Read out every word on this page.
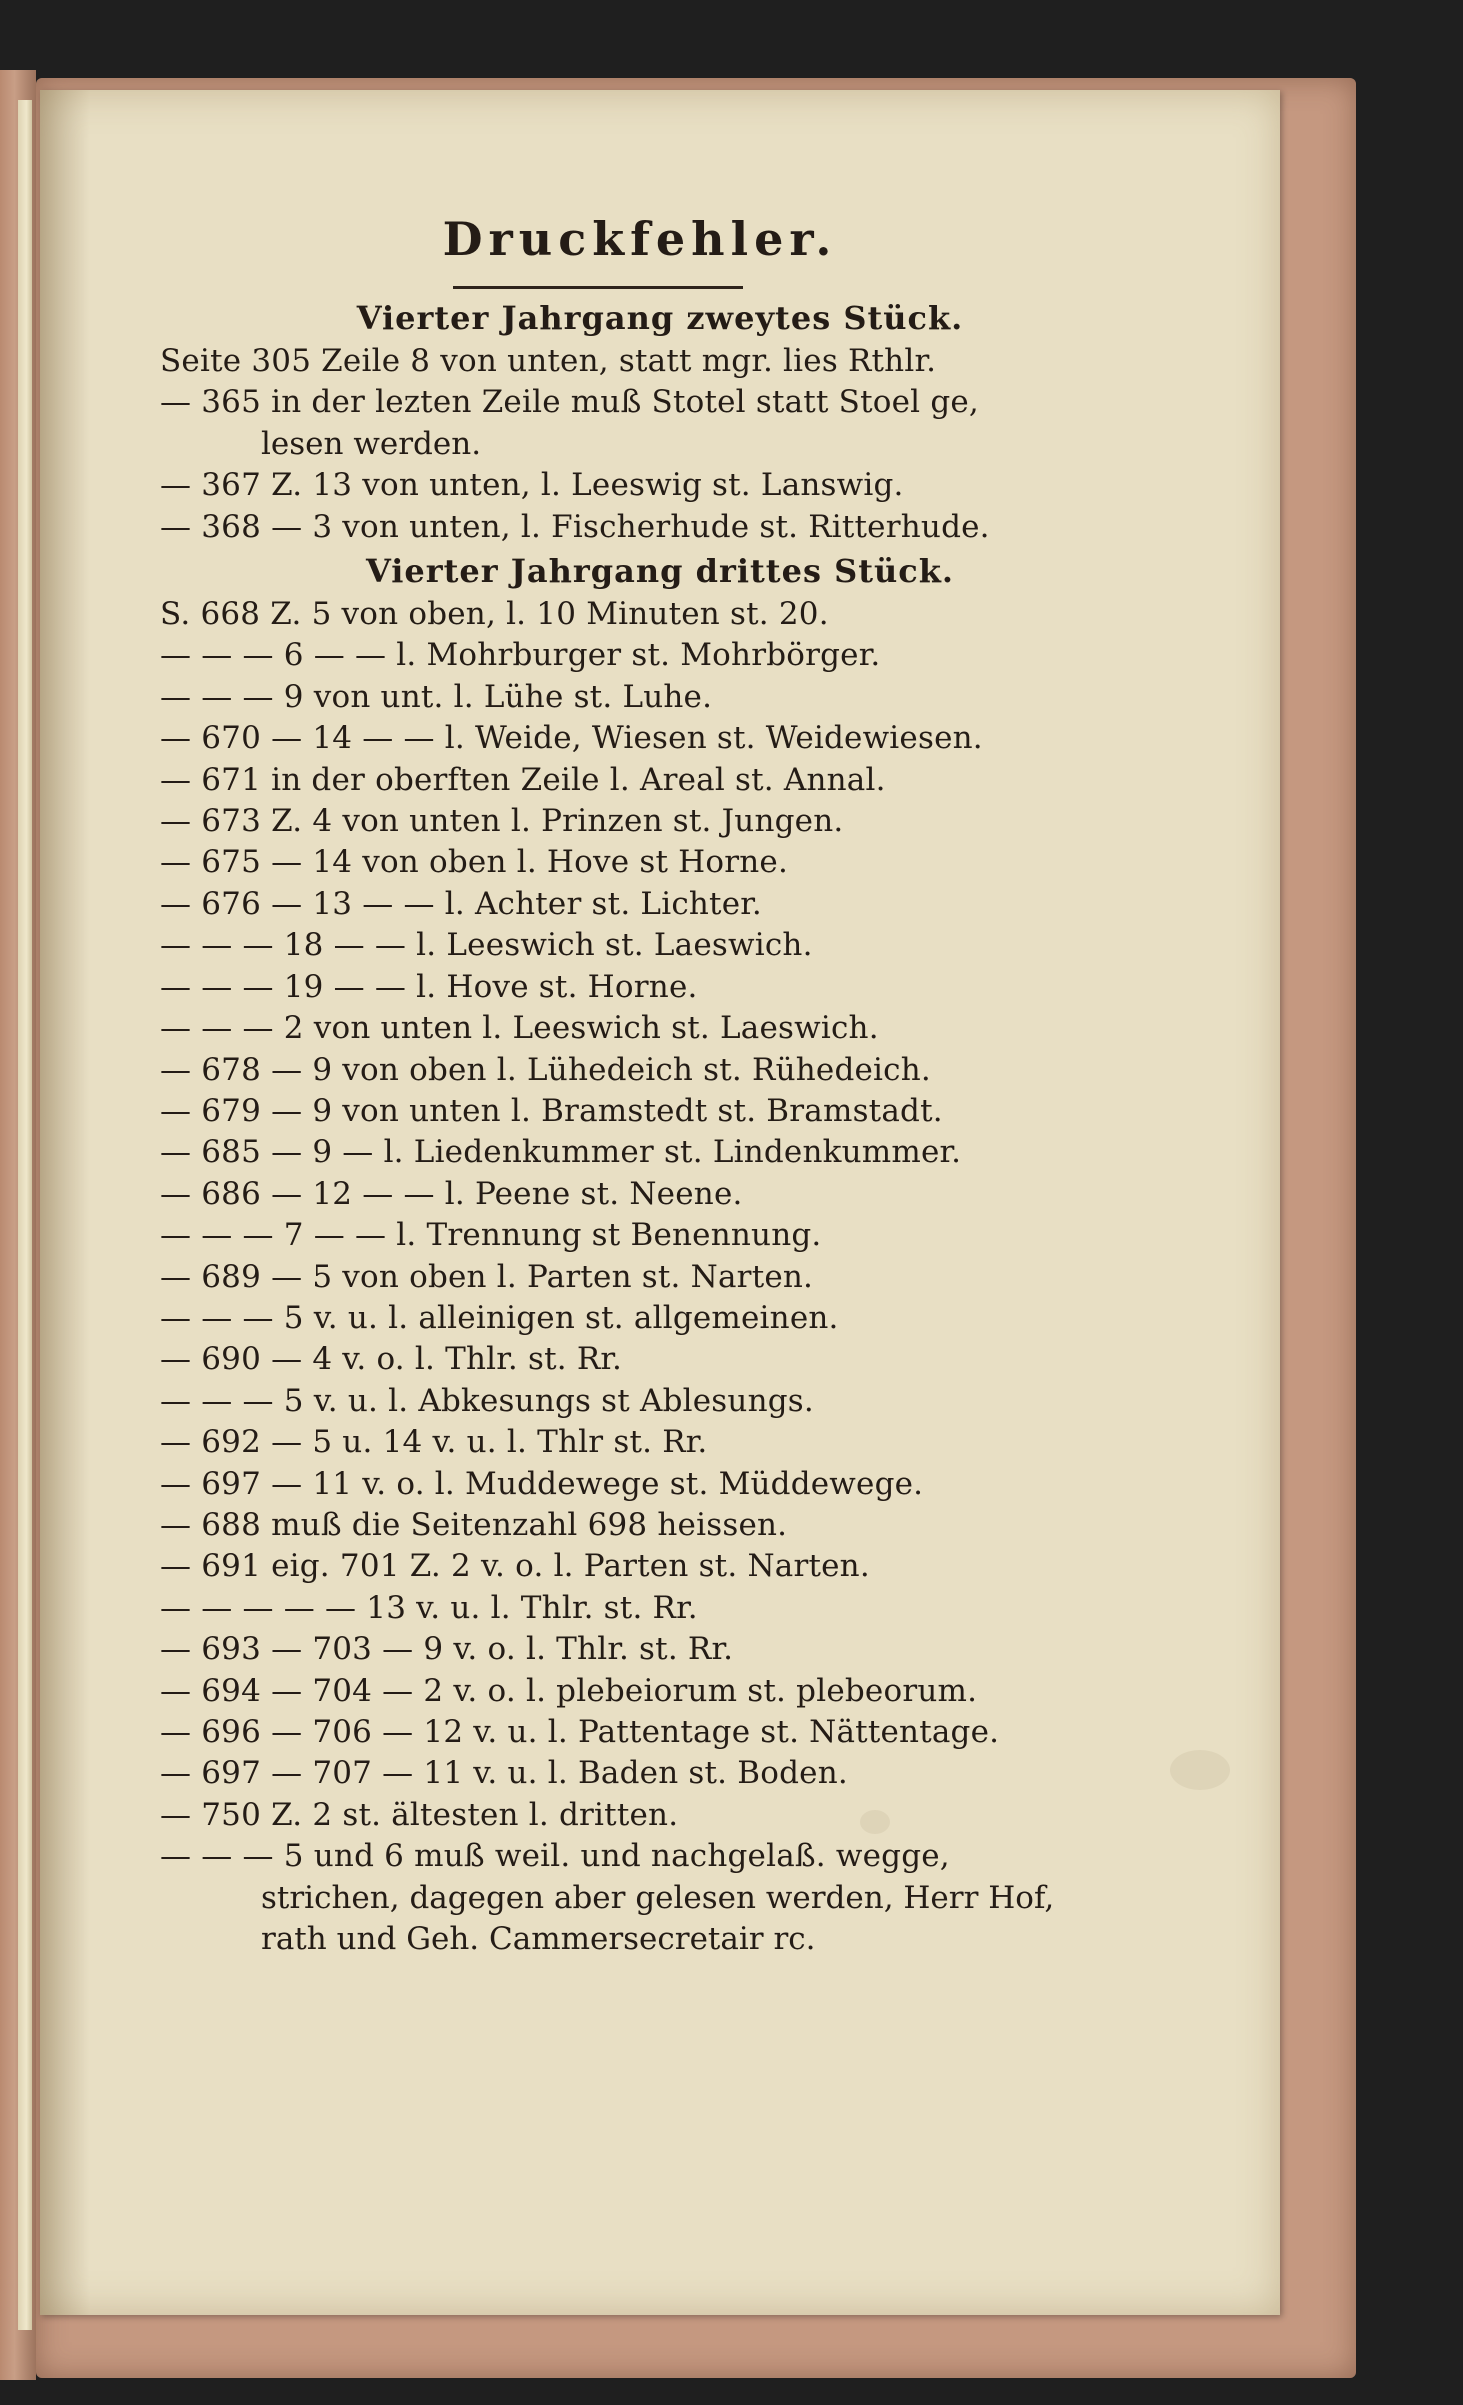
Druckfehler.
Vierter Jahrgang zweytes Stück.
Seite 305 Zeile 8 von unten, statt mgr. lies Rthlr.
— 365 in der lezten Zeile muß Stotel statt Stoel ge,
lesen werden.
— 367 Z. 13 von unten, l. Leeswig st. Lanswig.
— 368 — 3 von unten, l. Fischerhude st. Ritterhude.
Vierter Jahrgang drittes Stück.
S. 668 Z. 5 von oben, l. 10 Minuten st. 20.
— — — 6 — — l. Mohrburger st. Mohrbörger.
— — — 9 von unt. l. Lühe st. Luhe.
— 670 — 14 — — l. Weide, Wiesen st. Weidewiesen.
— 671 in der oberften Zeile l. Areal st. Annal.
— 673 Z. 4 von unten l. Prinzen st. Jungen.
— 675 — 14 von oben l. Hove st Horne.
— 676 — 13 — — l. Achter st. Lichter.
— — — 18 — — l. Leeswich st. Laeswich.
— — — 19 — — l. Hove st. Horne.
— — — 2 von unten l. Leeswich st. Laeswich.
— 678 — 9 von oben l. Lühedeich st. Rühedeich.
— 679 — 9 von unten l. Bramstedt st. Bramstadt.
— 685 — 9 — l. Liedenkummer st. Lindenkummer.
— 686 — 12 — — l. Peene st. Neene.
— — — 7 — — l. Trennung st Benennung.
— 689 — 5 von oben l. Parten st. Narten.
— — — 5 v. u. l. alleinigen st. allgemeinen.
— 690 — 4 v. o. l. Thlr. st. Rr.
— — — 5 v. u. l. Abkesungs st Ablesungs.
— 692 — 5 u. 14 v. u. l. Thlr st. Rr.
— 697 — 11 v. o. l. Muddewege st. Müddewege.
— 688 muß die Seitenzahl 698 heissen.
— 691 eig. 701 Z. 2 v. o. l. Parten st. Narten.
— — — — — 13 v. u. l. Thlr. st. Rr.
— 693 — 703 — 9 v. o. l. Thlr. st. Rr.
— 694 — 704 — 2 v. o. l. plebeiorum st. plebeorum.
— 696 — 706 — 12 v. u. l. Pattentage st. Nättentage.
— 697 — 707 — 11 v. u. l. Baden st. Boden.
— 750 Z. 2 st. ältesten l. dritten.
— — — 5 und 6 muß weil. und nachgelaß. wegge,
strichen, dagegen aber gelesen werden, Herr Hof,
rath und Geh. Cammersecretair rc.
